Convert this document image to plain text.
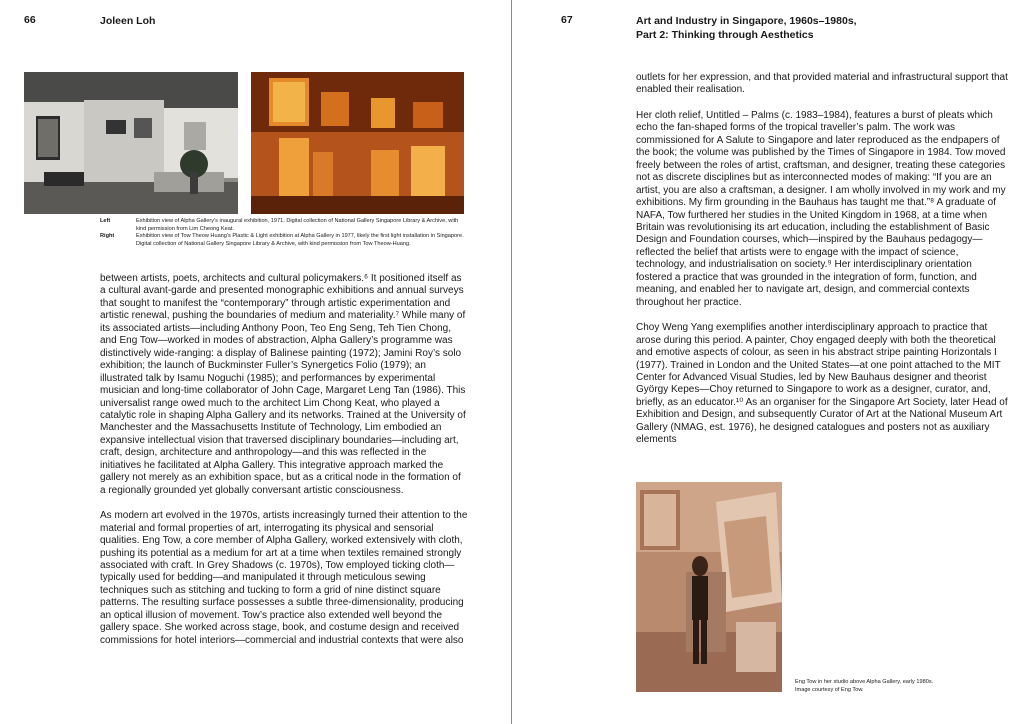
66	Joleen Loh
Left	Exhibition view of Alpha Gallery's inaugural exhibition, 1971. Digital collection of National Gallery Singapore Library & Archive, with kind permission from Lim Cheong Keat.
Right	Exhibition view of Tow Theow Huang's Plastic & Light exhibition at Alpha Gallery in 1977, likely the first light installation in Singapore. Digital collection of National Gallery Singapore Library & Archive, with kind permission from Tow Theow-Huang.

between artists, poets, architects and cultural policymakers.⁶ It positioned itself as a cultural avant-garde and presented monographic exhibitions and annual surveys that sought to manifest the “contemporary” through artistic experimentation and artistic renewal, pushing the boundaries of medium and materiality.⁷ While many of its associated artists—including Anthony Poon, Teo Eng Seng, Teh Tien Chong, and Eng Tow—worked in modes of abstraction, Alpha Gallery’s programme was distinctively wide-ranging: a display of Balinese painting (1972); Jamini Roy’s solo exhibition; the launch of Buckminster Fuller’s Synergetics Folio (1979); an illustrated talk by Isamu Noguchi (1985); and performances by experimental musician and long-time collaborator of John Cage, Margaret Leng Tan (1986). This universalist range owed much to the architect Lim Chong Keat, who played a catalytic role in shaping Alpha Gallery and its networks. Trained at the University of Manchester and the Massachusetts Institute of Technology, Lim embodied an expansive intellectual vision that traversed disciplinary boundaries—including art, craft, design, architecture and anthropology—and this was reflected in the initiatives he facilitated at Alpha Gallery. This integrative approach marked the gallery not merely as an exhibition space, but as a critical node in the formation of a regionally grounded yet globally conversant artistic consciousness.

As modern art evolved in the 1970s, artists increasingly turned their attention to the material and formal properties of art, interrogating its physical and sensorial qualities. Eng Tow, a core member of Alpha Gallery, worked extensively with cloth, pushing its potential as a medium for art at a time when textiles remained strongly associated with craft. In Grey Shadows (c. 1970s), Tow employed ticking cloth—typically used for bedding—and manipulated it through meticulous sewing techniques such as stitching and tucking to form a grid of nine distinct square patterns. The resulting surface possesses a subtle three-dimensionality, producing an optical illusion of movement. Tow’s practice also extended well beyond the gallery space. She worked across stage, book, and costume design and received commissions for hotel interiors—commercial and industrial contexts that were also

67	Art and Industry in Singapore, 1960s–1980s,
Part 2: Thinking through Aesthetics

outlets for her expression, and that provided material and infrastructural support that enabled their realisation.

Her cloth relief, Untitled – Palms (c. 1983–1984), features a burst of pleats which echo the fan-shaped forms of the tropical traveller’s palm. The work was commissioned for A Salute to Singapore and later reproduced as the endpapers of the book; the volume was published by the Times of Singapore in 1984. Tow moved freely between the roles of artist, craftsman, and designer, treating these categories not as discrete disciplines but as interconnected modes of making: “If you are an artist, you are also a craftsman, a designer. I am wholly involved in my work and my exhibitions. My firm grounding in the Bauhaus has taught me that.”⁸ A graduate of NAFA, Tow furthered her studies in the United Kingdom in 1968, at a time when Britain was revolutionising its art education, including the establishment of Basic Design and Foundation courses, which—inspired by the Bauhaus pedagogy—reflected the belief that artists were to engage with the impact of science, technology, and industrialisation on society.⁹ Her interdisciplinary orientation fostered a practice that was grounded in the integration of form, function, and meaning, and enabled her to navigate art, design, and commercial contexts throughout her practice.

Choy Weng Yang exemplifies another interdisciplinary approach to practice that arose during this period. A painter, Choy engaged deeply with both the theoretical and emotive aspects of colour, as seen in his abstract stripe painting Horizontals I (1977). Trained in London and the United States—at one point attached to the MIT Center for Advanced Visual Studies, led by New Bauhaus designer and theorist György Kepes—Choy returned to Singapore to work as a designer, curator, and, briefly, as an educator.¹⁰ As an organiser for the Singapore Art Society, later Head of Exhibition and Design, and subsequently Curator of Art at the National Museum Art Gallery (NMAG, est. 1976), he designed catalogues and posters not as auxiliary elements

Eng Tow in her studio above Alpha Gallery, early 1980s.
Image courtesy of Eng Tow.
